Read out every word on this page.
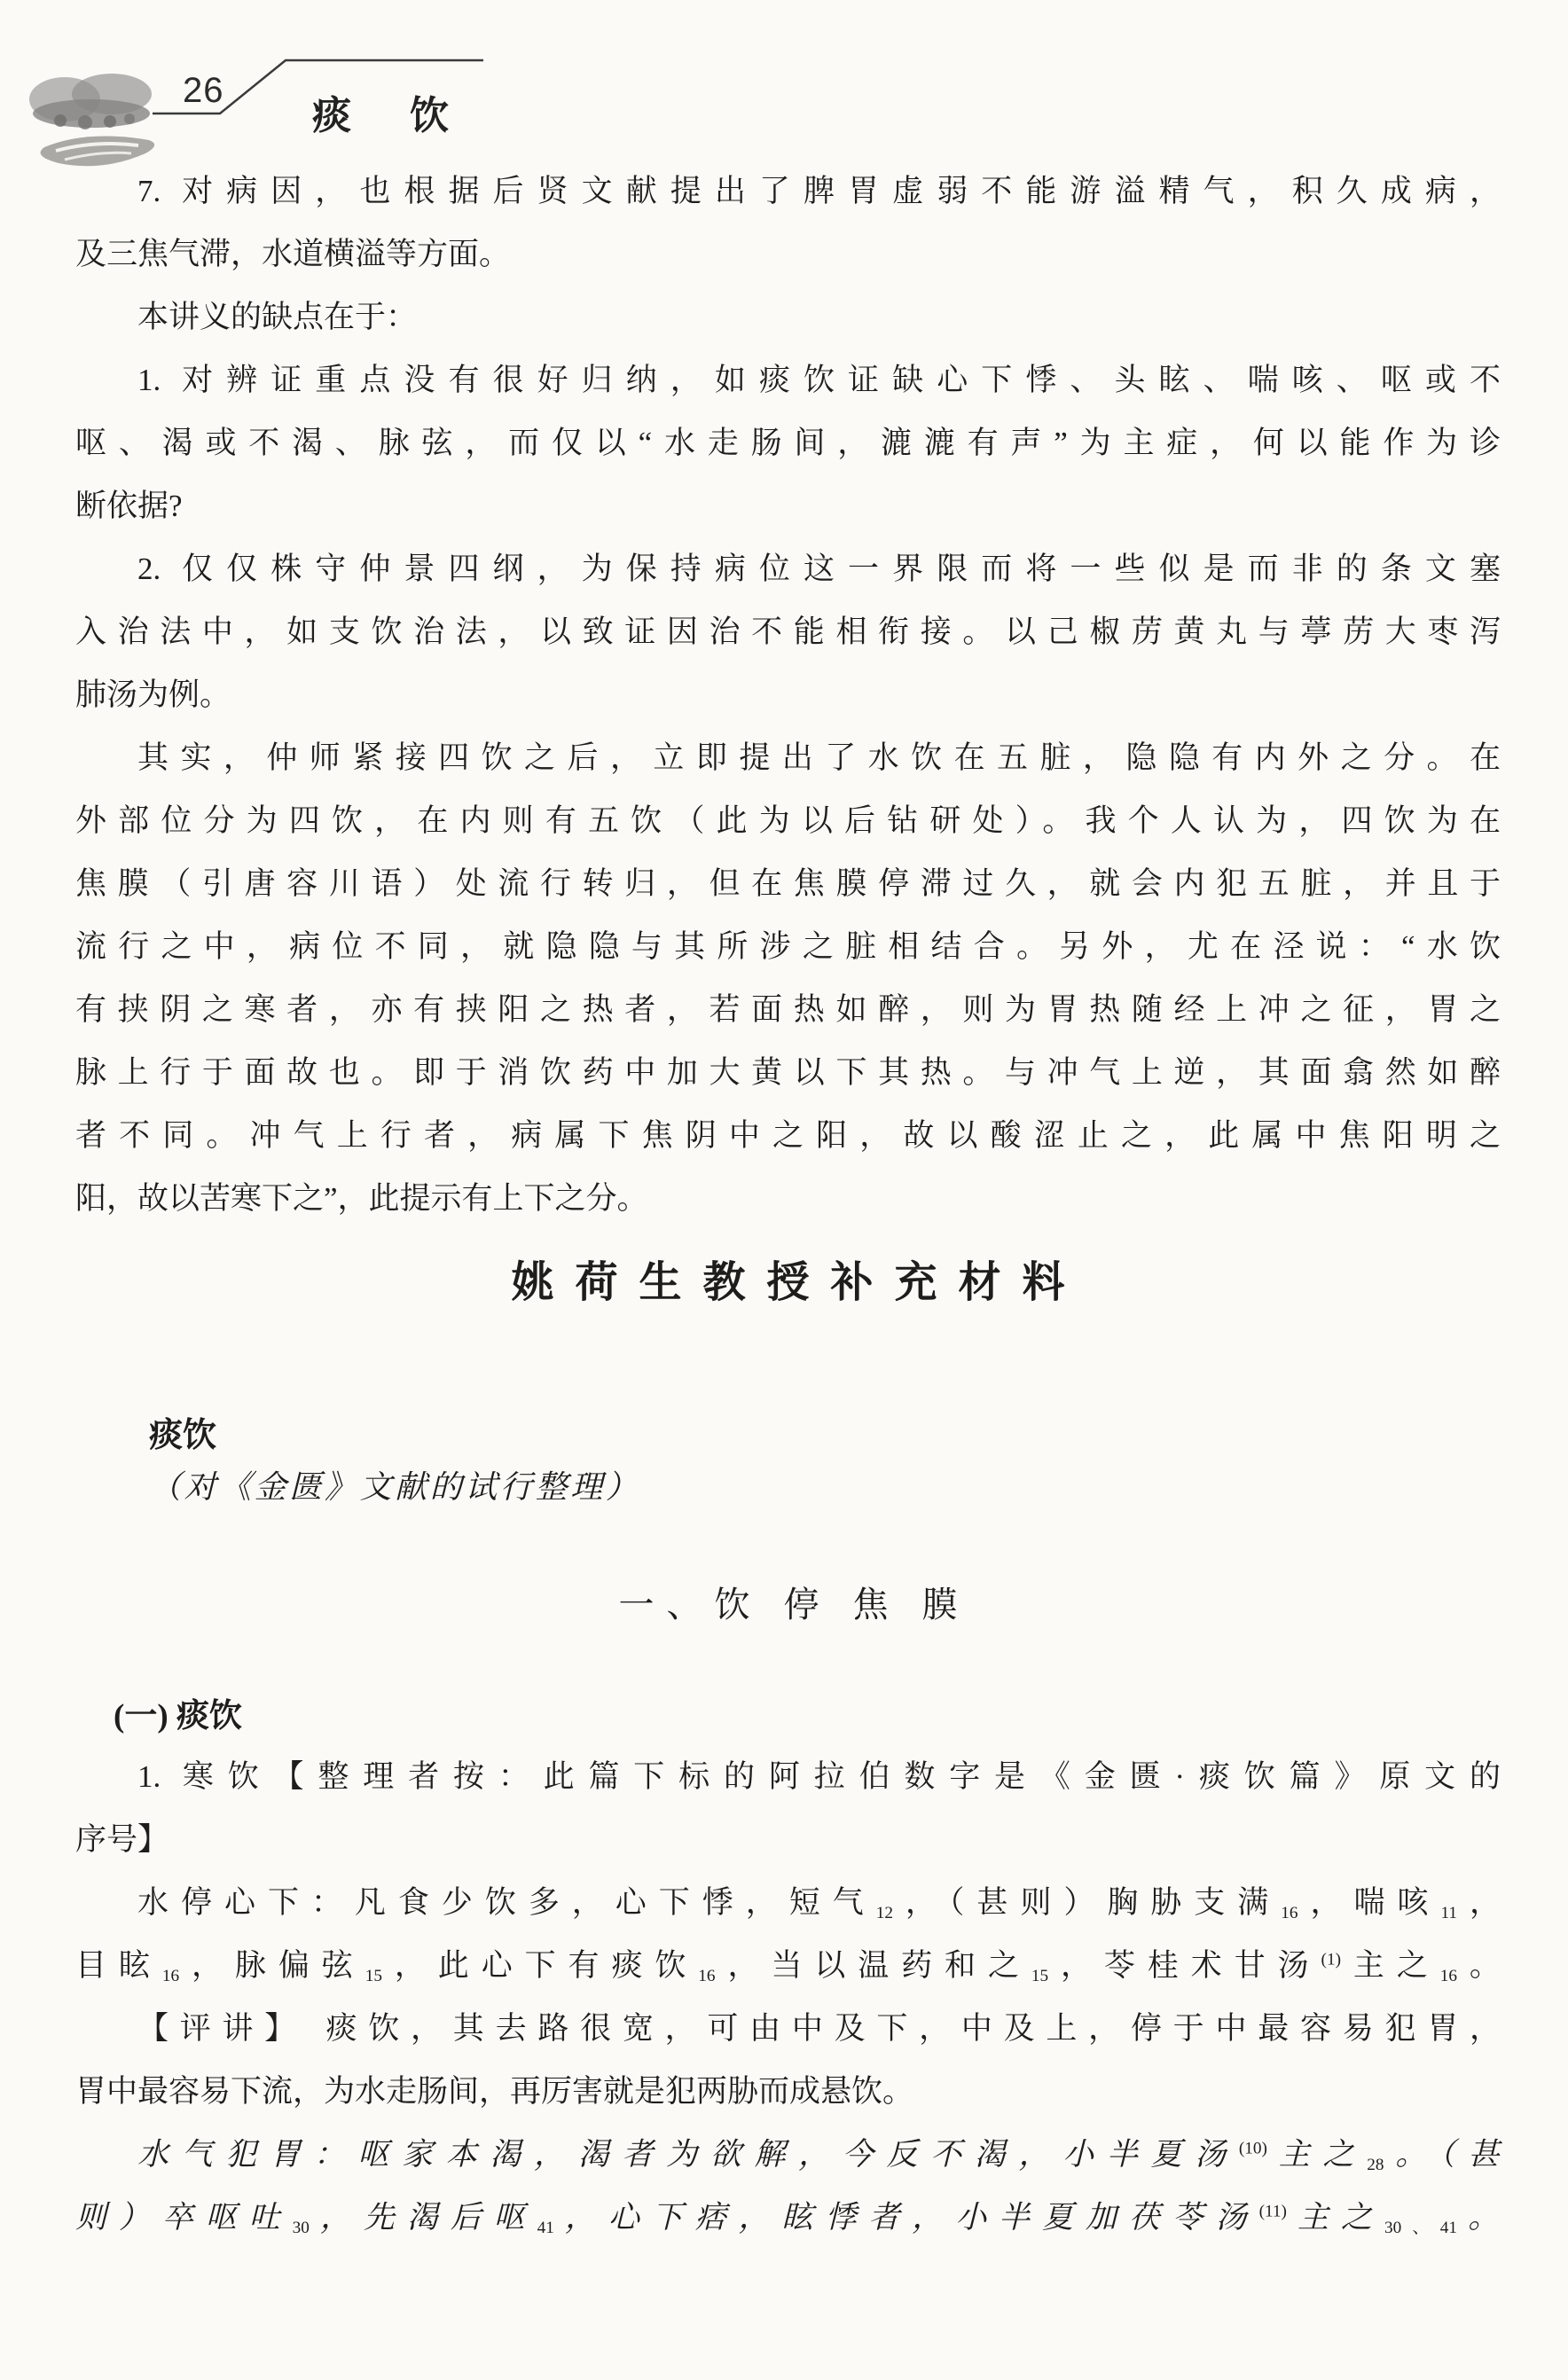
26
痰 饮
7. 对病因，也根据后贤文献提出了脾胃虚弱不能游溢精气，积久成病，
及三焦气滞，水道横溢等方面。
本讲义的缺点在于：
1. 对辨证重点没有很好归纳，如痰饮证缺心下悸、头眩、喘咳、呕或不
呕、渴或不渴、脉弦，而仅以“水走肠间，漉漉有声”为主症，何以能作为诊
断依据?
2. 仅仅株守仲景四纲，为保持病位这一界限而将一些似是而非的条文塞
入治法中，如支饮治法，以致证因治不能相衔接。以己椒苈黄丸与葶苈大枣泻
肺汤为例。
其实，仲师紧接四饮之后，立即提出了水饮在五脏，隐隐有内外之分。在
外部位分为四饮，在内则有五饮（此为以后钻研处）。我个人认为，四饮为在
焦膜（引唐容川语）处流行转归，但在焦膜停滞过久，就会内犯五脏，并且于
流行之中，病位不同，就隐隐与其所涉之脏相结合。另外，尤在泾说：“水饮
有挟阴之寒者，亦有挟阳之热者，若面热如醉，则为胃热随经上冲之征，胃之
脉上行于面故也。即于消饮药中加大黄以下其热。与冲气上逆，其面翕然如醉
者不同。冲气上行者，病属下焦阴中之阳，故以酸涩止之，此属中焦阳明之
阳，故以苦寒下之”，此提示有上下之分。
姚荷生教授补充材料
痰饮
（对《金匮》文献的试行整理）
一、饮 停 焦 膜
(一) 痰饮
1. 寒饮【整理者按：此篇下标的阿拉伯数字是《金匮·痰饮篇》原文的
序号】
水停心下：凡食少饮多，心下悸，短气$_{12}$，（甚则）胸胁支满$_{16}$，喘咳$_{11}$，
目眩$_{16}$，脉偏弦$_{15}$，此心下有痰饮$_{16}$，当以温药和之$_{15}$，苓桂术甘汤$^{(1)}$主之$_{16}$。
【评讲】 痰饮，其去路很宽，可由中及下，中及上，停于中最容易犯胃，
胃中最容易下流，为水走肠间，再厉害就是犯两胁而成悬饮。
水气犯胃：呕家本渴，渴者为欲解，今反不渴，小半夏汤$^{(10)}$主之$_{28}$。（甚
则）卒呕吐$_{30}$，先渴后呕$_{41}$，心下痞，眩悸者，小半夏加茯苓汤$^{(11)}$主之$_{30、41}$。
